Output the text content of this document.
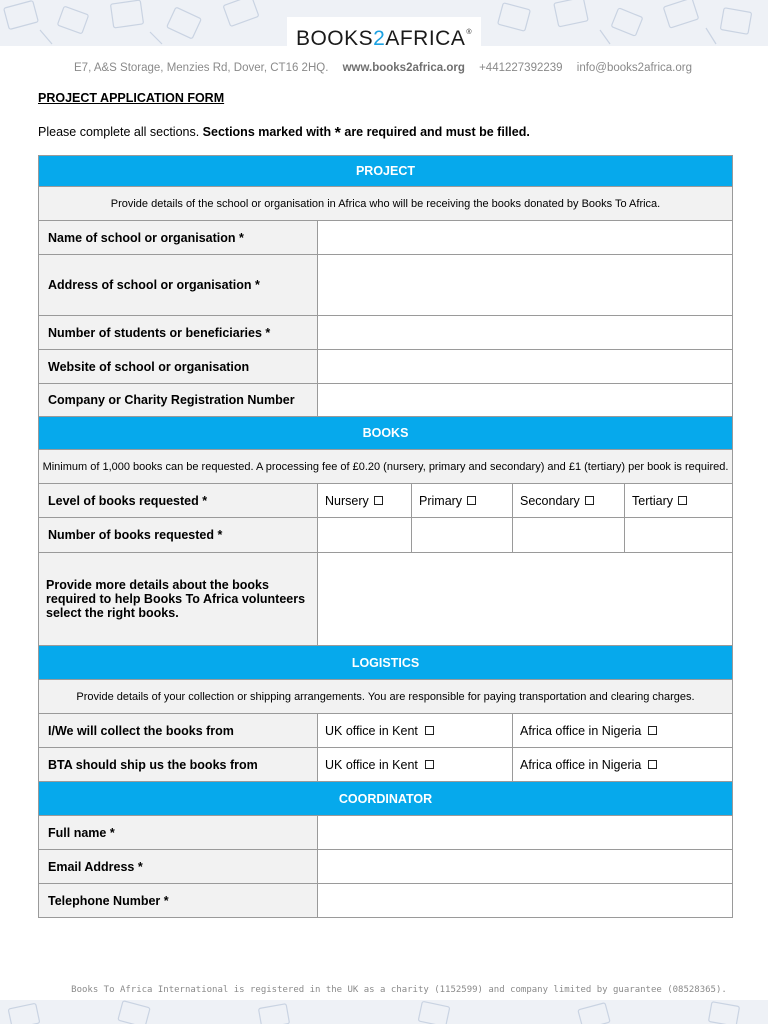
BOOKS 2 AFRICA ®
E7, A&S Storage, Menzies Rd, Dover, CT16 2HQ. www.books2africa.org +441227392239 info@books2africa.org
PROJECT APPLICATION FORM
Please complete all sections. Sections marked with * are required and must be filled.
PROJECT
Provide details of the school or organisation in Africa who will be receiving the books donated by Books To Africa.
Name of school or organisation *
Address of school or organisation *
Number of students or beneficiaries *
Website of school or organisation
Company or Charity Registration Number
BOOKS
Minimum of 1,000 books can be requested. A processing fee of £0.20 (nursery, primary and secondary) and £1 (tertiary) per book is required.
Level of books requested *	Nursery	Primary	Secondary	Tertiary
Number of books requested *
Provide more details about the books required to help Books To Africa volunteers select the right books.
LOGISTICS
Provide details of your collection or shipping arrangements. You are responsible for paying transportation and clearing charges.
I/We will collect the books from	UK office in Kent	Africa office in Nigeria
BTA should ship us the books from	UK office in Kent	Africa office in Nigeria
COORDINATOR
Full name *
Email Address *
Telephone Number *
Books To Africa International is registered in the UK as a charity (1152599) and company limited by guarantee (08528365).
